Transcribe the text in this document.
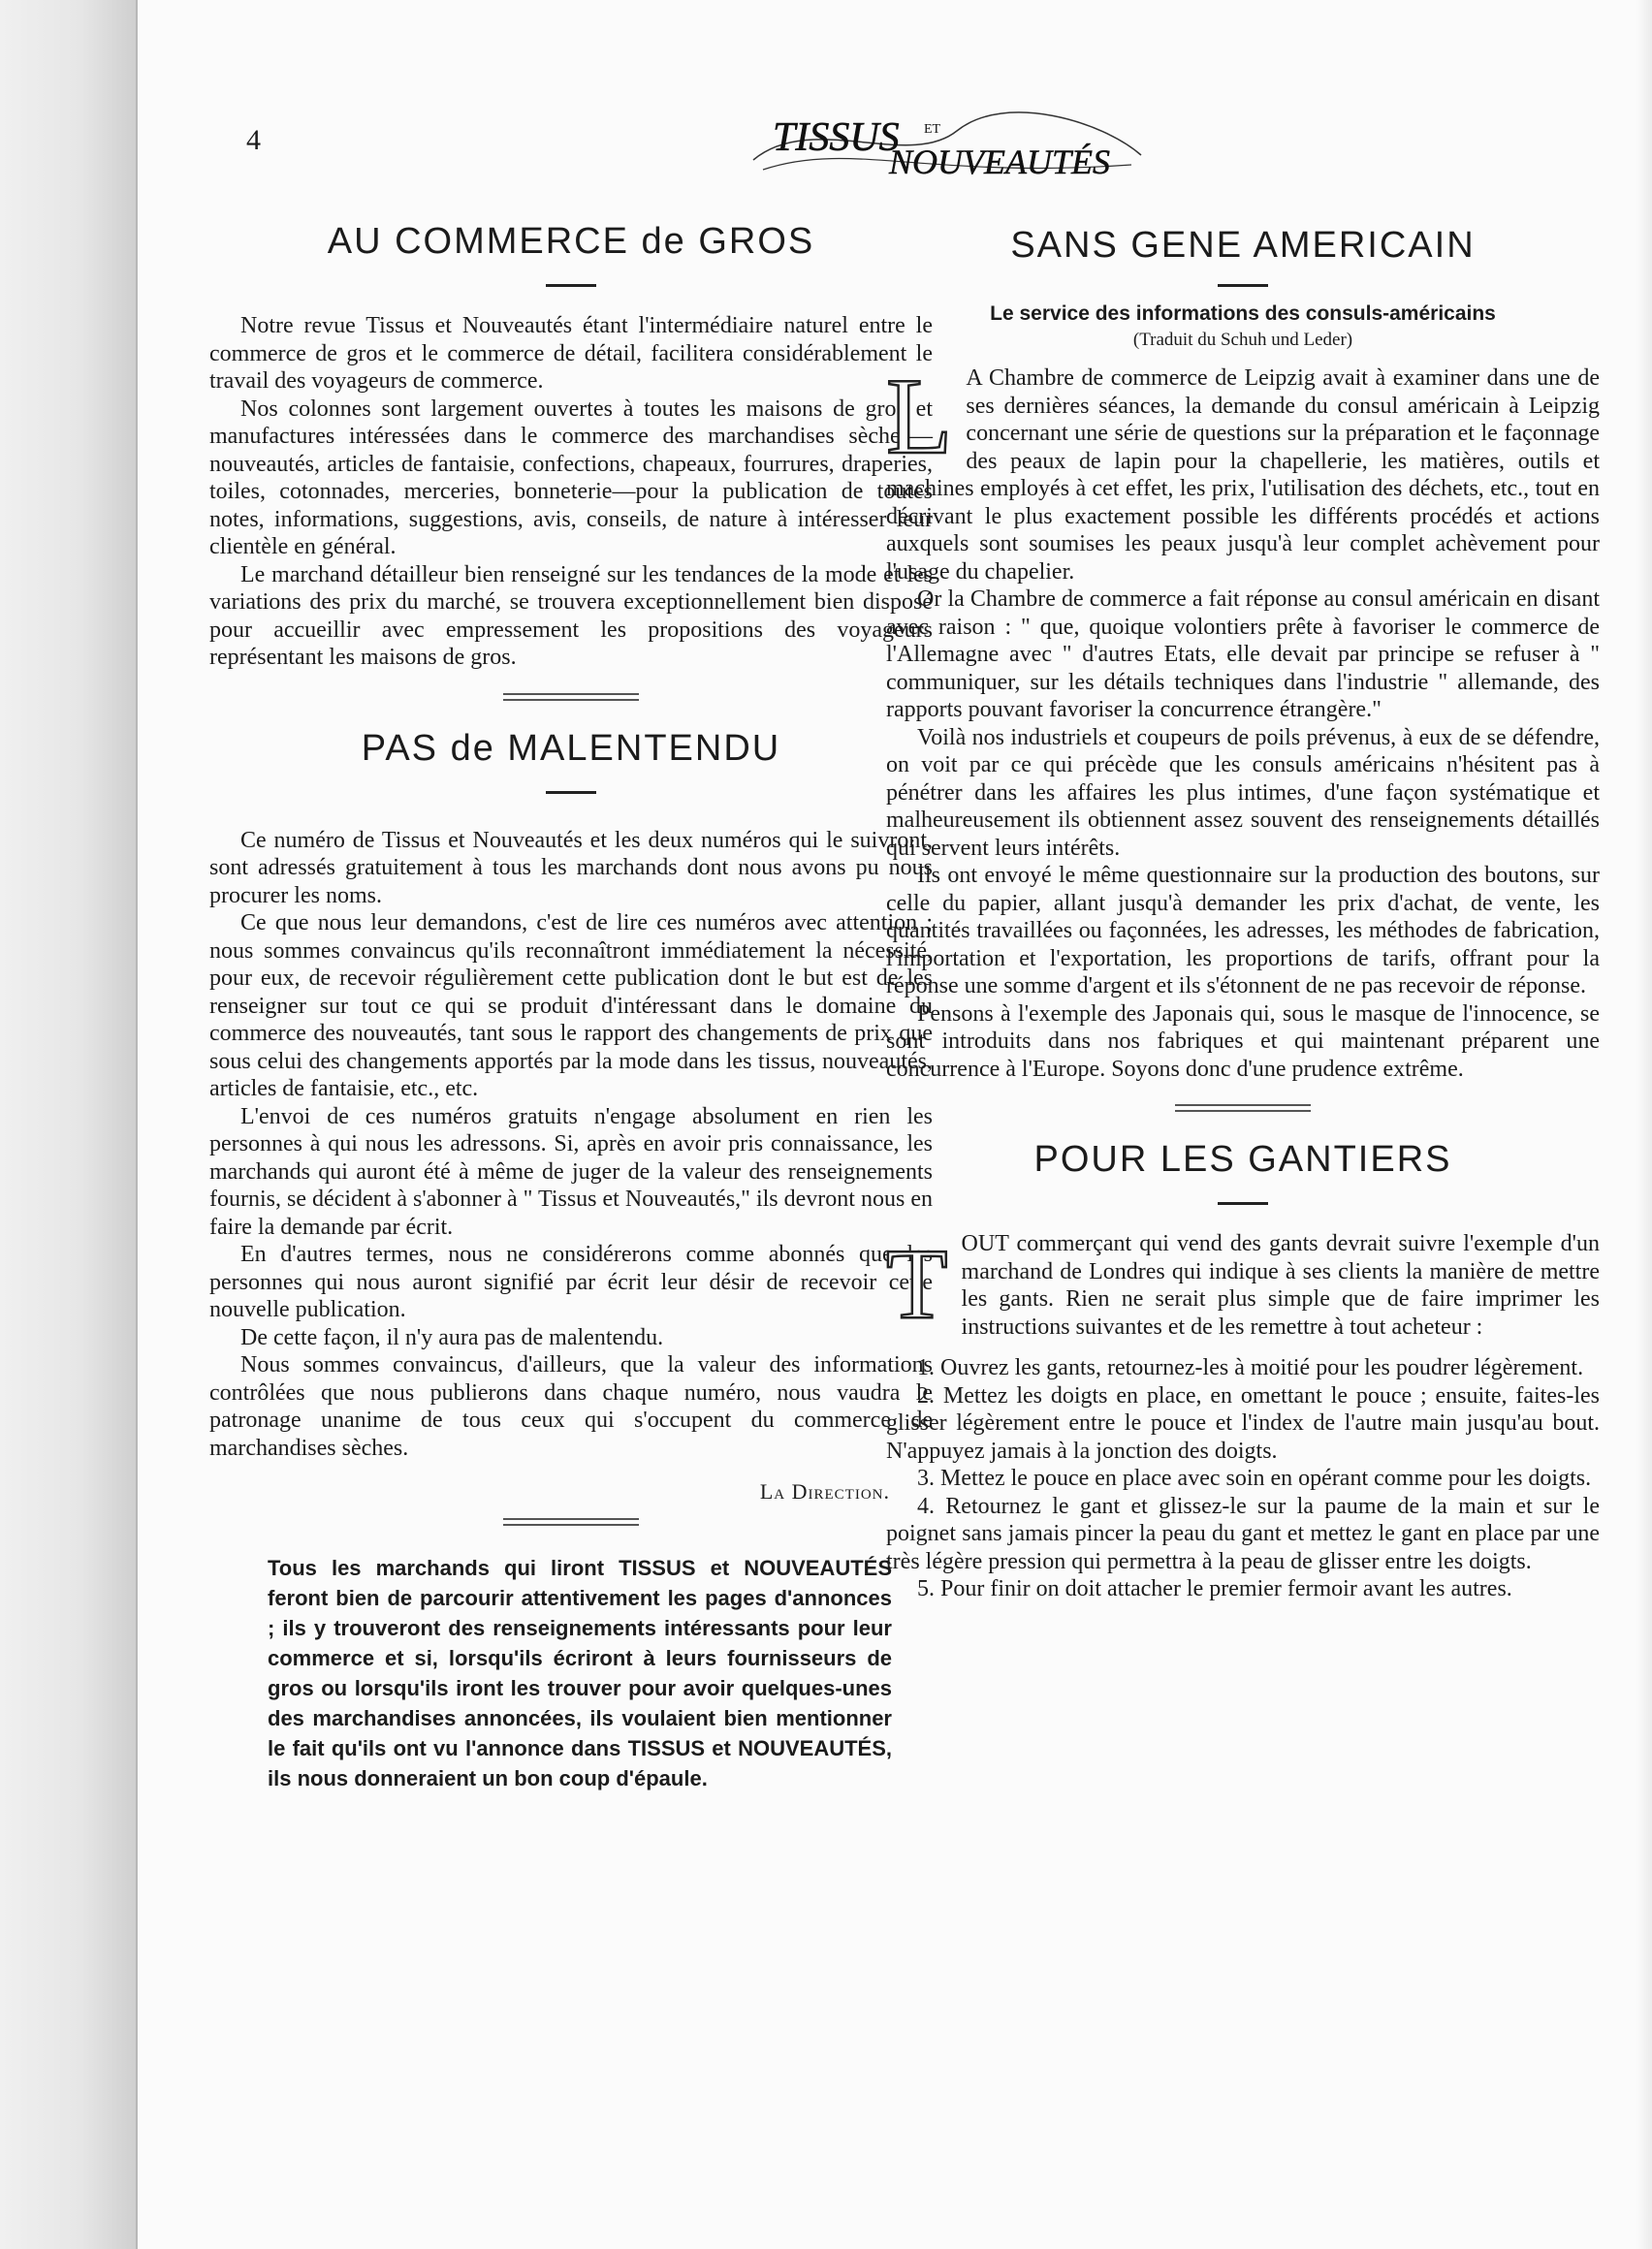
4	TISSUS ET
NOUVEAUTÉS
AU COMMERCE de GROS

Notre revue Tissus et Nouveautés étant l'intermédiaire naturel entre le commerce de gros et le commerce de détail, facilitera considérablement le travail des voyageurs de commerce.

Nos colonnes sont largement ouvertes à toutes les maisons de gros et manufactures intéressées dans le commerce des marchandises sèches—nouveautés, articles de fantaisie, confections, chapeaux, fourrures, draperies, toiles, cotonnades, merceries, bonneterie—pour la publication de toutes notes, informations, suggestions, avis, conseils, de nature à intéresser leur clientèle en général.

Le marchand détailleur bien renseigné sur les tendances de la mode et les variations des prix du marché, se trouvera exceptionnellement bien disposé pour accueillir avec empressement les propositions des voyageurs représentant les maisons de gros.

PAS de MALENTENDU

Ce numéro de Tissus et Nouveautés et les deux numéros qui le suivront, sont adressés gratuitement à tous les marchands dont nous avons pu nous procurer les noms.

Ce que nous leur demandons, c'est de lire ces numéros avec attention ; nous sommes convaincus qu'ils reconnaîtront immédiatement la nécessité, pour eux, de recevoir régulièrement cette publication dont le but est de les renseigner sur tout ce qui se produit d'intéressant dans le domaine du commerce des nouveautés, tant sous le rapport des changements de prix que sous celui des changements apportés par la mode dans les tissus, nouveautés, articles de fantaisie, etc., etc.

L'envoi de ces numéros gratuits n'engage absolument en rien les personnes à qui nous les adressons. Si, après en avoir pris connaissance, les marchands qui auront été à même de juger de la valeur des renseignements fournis, se décident à s'abonner à " Tissus et Nouveautés," ils devront nous en faire la demande par écrit.

En d'autres termes, nous ne considérerons comme abonnés que les personnes qui nous auront signifié par écrit leur désir de recevoir cette nouvelle publication.

De cette façon, il n'y aura pas de malentendu.

Nous sommes convaincus, d'ailleurs, que la valeur des informations contrôlées que nous publierons dans chaque numéro, nous vaudra le patronage unanime de tous ceux qui s'occupent du commerce de marchandises sèches.

La Direction.

Tous les marchands qui liront TISSUS et NOUVEAUTÉS feront bien de parcourir attentivement les pages d'annonces ; ils y trouveront des renseignements intéressants pour leur commerce et si, lorsqu'ils écriront à leurs fournisseurs de gros ou lorsqu'ils iront les trouver pour avoir quelques-unes des marchandises annoncées, ils voulaient bien mentionner le fait qu'ils ont vu l'annonce dans TISSUS et NOUVEAUTÉS, ils nous donneraient un bon coup d'épaule.

SANS GENE AMERICAIN
Le service des informations des consuls-américains
(Traduit du Schuh und Leder)
L A Chambre de commerce de Leipzig avait à examiner dans une de ses dernières séances, la demande du consul américain à Leipzig concernant une série de questions sur la préparation et le façonnage des peaux de lapin pour la chapellerie, les matières, outils et machines employés à cet effet, les prix, l'utilisation des déchets, etc., tout en décrivant le plus exactement possible les différents procédés et actions auxquels sont soumises les peaux jusqu'à leur complet achèvement pour l'usage du chapelier.

Or la Chambre de commerce a fait réponse au consul américain en disant avec raison : " que, quoique volontiers prête à favoriser le commerce de l'Allemagne avec " d'autres Etats, elle devait par principe se refuser à " communiquer, sur les détails techniques dans l'industrie " allemande, des rapports pouvant favoriser la concurrence étrangère."

Voilà nos industriels et coupeurs de poils prévenus, à eux de se défendre, on voit par ce qui précède que les consuls américains n'hésitent pas à pénétrer dans les affaires les plus intimes, d'une façon systématique et malheureusement ils obtiennent assez souvent des renseignements détaillés qui servent leurs intérêts.

Ils ont envoyé le même questionnaire sur la production des boutons, sur celle du papier, allant jusqu'à demander les prix d'achat, de vente, les quantités travaillées ou façonnées, les adresses, les méthodes de fabrication, l'importation et l'exportation, les proportions de tarifs, offrant pour la réponse une somme d'argent et ils s'étonnent de ne pas recevoir de réponse.

Pensons à l'exemple des Japonais qui, sous le masque de l'innocence, se sont introduits dans nos fabriques et qui maintenant préparent une concurrence à l'Europe. Soyons donc d'une prudence extrême.

POUR LES GANTIERS
T OUT commerçant qui vend des gants devrait suivre l'exemple d'un marchand de Londres qui indique à ses clients la manière de mettre les gants. Rien ne serait plus simple que de faire imprimer les instructions suivantes et de les remettre à tout acheteur :

1. Ouvrez les gants, retournez-les à moitié pour les poudrer légèrement.

2. Mettez les doigts en place, en omettant le pouce ; ensuite, faites-les glisser légèrement entre le pouce et l'index de l'autre main jusqu'au bout. N'appuyez jamais à la jonction des doigts.

3. Mettez le pouce en place avec soin en opérant comme pour les doigts.

4. Retournez le gant et glissez-le sur la paume de la main et sur le poignet sans jamais pincer la peau du gant et mettez le gant en place par une très légère pression qui permettra à la peau de glisser entre les doigts.

5. Pour finir on doit attacher le premier fermoir avant les autres.
